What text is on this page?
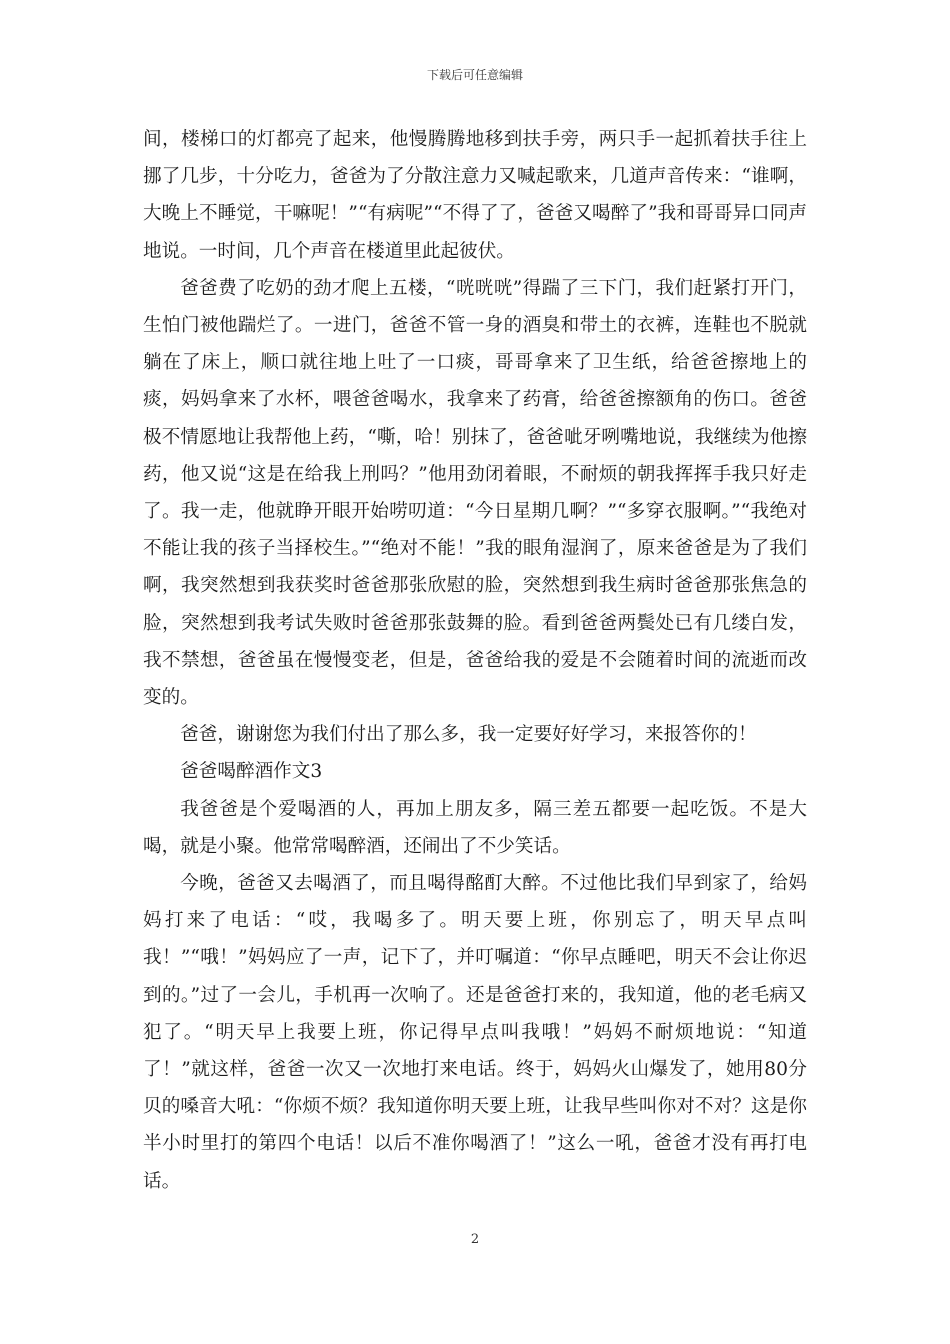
下载后可任意编辑

间，楼梯口的灯都亮了起来，他慢腾腾地移到扶手旁，两只手一起抓着扶手往上挪了几步，十分吃力，爸爸为了分散注意力又喊起歌来，几道声音传来：“谁啊，大晚上不睡觉，干嘛呢！”“有病呢”“不得了了，爸爸又喝醉了”我和哥哥异口同声地说。一时间，几个声音在楼道里此起彼伏。

爸爸费了吃奶的劲才爬上五楼，“咣咣咣”得踹了三下门，我们赶紧打开门，生怕门被他踹烂了。一进门，爸爸不管一身的酒臭和带土的衣裤，连鞋也不脱就躺在了床上，顺口就往地上吐了一口痰，哥哥拿来了卫生纸，给爸爸擦地上的痰，妈妈拿来了水杯，喂爸爸喝水，我拿来了药膏，给爸爸擦额角的伤口。爸爸极不情愿地让我帮他上药，“嘶，哈！别抹了，爸爸呲牙咧嘴地说，我继续为他擦药，他又说“这是在给我上刑吗？”他用劲闭着眼，不耐烦的朝我挥挥手我只好走了。我一走，他就睁开眼开始唠叨道：“今日星期几啊？”“多穿衣服啊。”“我绝对不能让我的孩子当择校生。”“绝对不能！”我的眼角湿润了，原来爸爸是为了我们啊，我突然想到我获奖时爸爸那张欣慰的脸，突然想到我生病时爸爸那张焦急的脸，突然想到我考试失败时爸爸那张鼓舞的脸。看到爸爸两鬓处已有几缕白发，我不禁想，爸爸虽在慢慢变老，但是，爸爸给我的爱是不会随着时间的流逝而改变的。

爸爸，谢谢您为我们付出了那么多，我一定要好好学习，来报答你的！

爸爸喝醉酒作文3

我爸爸是个爱喝酒的人，再加上朋友多，隔三差五都要一起吃饭。不是大喝，就是小聚。他常常喝醉酒，还闹出了不少笑话。

今晚，爸爸又去喝酒了，而且喝得酩酊大醉。不过他比我们早到家了，给妈妈打来了电话：“哎，我喝多了。明天要上班，你别忘了，明天早点叫我！”“哦！”妈妈应了一声，记下了，并叮嘱道：“你早点睡吧，明天不会让你迟到的。”过了一会儿，手机再一次响了。还是爸爸打来的，我知道，他的老毛病又犯了。“明天早上我要上班，你记得早点叫我哦！”妈妈不耐烦地说：“知道了！”就这样，爸爸一次又一次地打来电话。终于，妈妈火山爆发了，她用80分贝的嗓音大吼：“你烦不烦？我知道你明天要上班，让我早些叫你对不对？这是你半小时里打的第四个电话！以后不准你喝酒了！”这么一吼，爸爸才没有再打电话。

2
